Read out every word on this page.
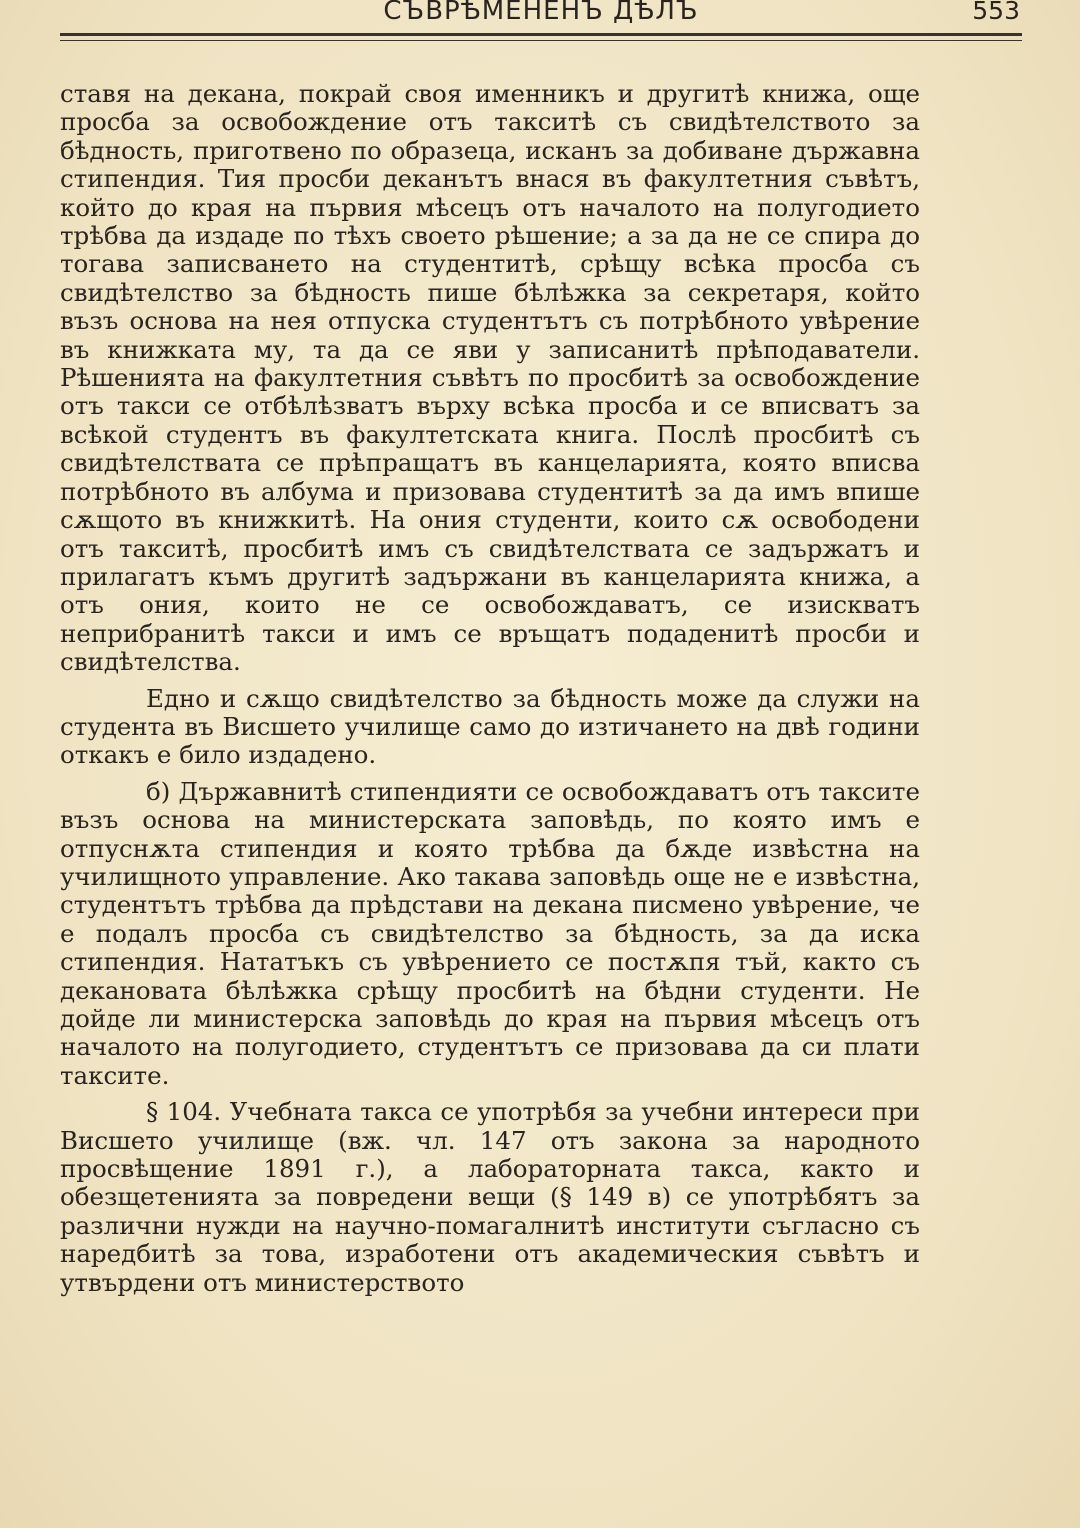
СЪВРѢМЕНЕНЪ ДѢЛЪ	553

ставя на декана, покрай своя именникъ и другитѣ книжа, още проcба за освобождение отъ такситѣ съ свидѣтелството за бѣдность, приготвено по образеца, исканъ за добиване държавна стипендия. Тия просби деканътъ внася въ факултетния съвѣтъ, който до края на първия мѣсецъ отъ началото на полугодието трѣбва да издаде по тѣхъ своето рѣшение; а за да не се спира до тогава записването на студентитѣ, срѣщу всѣка просба съ свидѣтелство за бѣдность пише бѣлѣжка за секретаря, който възъ основа на нея отпуска студентътъ съ потрѣбното увѣрение въ книжката му, та да се яви у записанитѣ прѣподаватели. Рѣшенията на факултетния съвѣтъ по просбитѣ за освобождение отъ такси се отбѣлѣзватъ върху всѣка просба и се вписватъ за всѣкой студентъ въ факултетската книга. Послѣ просбитѣ съ свидѣтелствата се прѣпращатъ въ канцеларията, която вписва потрѣбното въ албума и призовава студентитѣ за да имъ впише сѫщото въ книжкитѣ. На ония студенти, които сѫ освободени отъ такситѣ, просбитѣ имъ съ свидѣтелствата се задържатъ и прилагатъ къмъ другитѣ задържани въ канцеларията книжа, а отъ ония, които не се освобождаватъ, се изискватъ неприбранитѣ такси и имъ се връщатъ подаденитѣ просби и свидѣтелства.

Едно и сѫщо свидѣтелство за бѣдность може да служи на студента въ Висшето училище само до изтичането на двѣ години откакъ е било издадено.

б) Държавнитѣ стипендияти се освобождаватъ отъ таксите възъ основа на министерската заповѣдь, по която имъ е отпуснѫта стипендия и която трѣбва да бѫде извѣстна на училищното управление. Ако такава заповѣдь още не е извѣстна, студентътъ трѣбва да прѣдстави на декана писмено увѣрение, че е подалъ просба съ свидѣтелство за бѣдность, за да иска стипендия. Нататъкъ съ увѣрението се постѫпя тъй, както съ декановата бѣлѣжка срѣщу просбитѣ на бѣдни студенти. Не дойде ли министерска заповѣдь до края на първия мѣсецъ отъ началото на полугодието, студентътъ се призовава да си плати таксите.

§ 104. Учебната такса се употрѣбя за учебни интереси при Висшето училище (вж. чл. 147 отъ закона за народното просвѣщение 1891 г.), а лабораторната такса, както и обезщетенията за повредени вещи (§ 149 в) се употрѣбятъ за различни нужди на научно-помагалнитѣ институти съгласно съ наредбитѣ за това, изработени отъ академическия съвѣтъ и утвърдени отъ министерството
